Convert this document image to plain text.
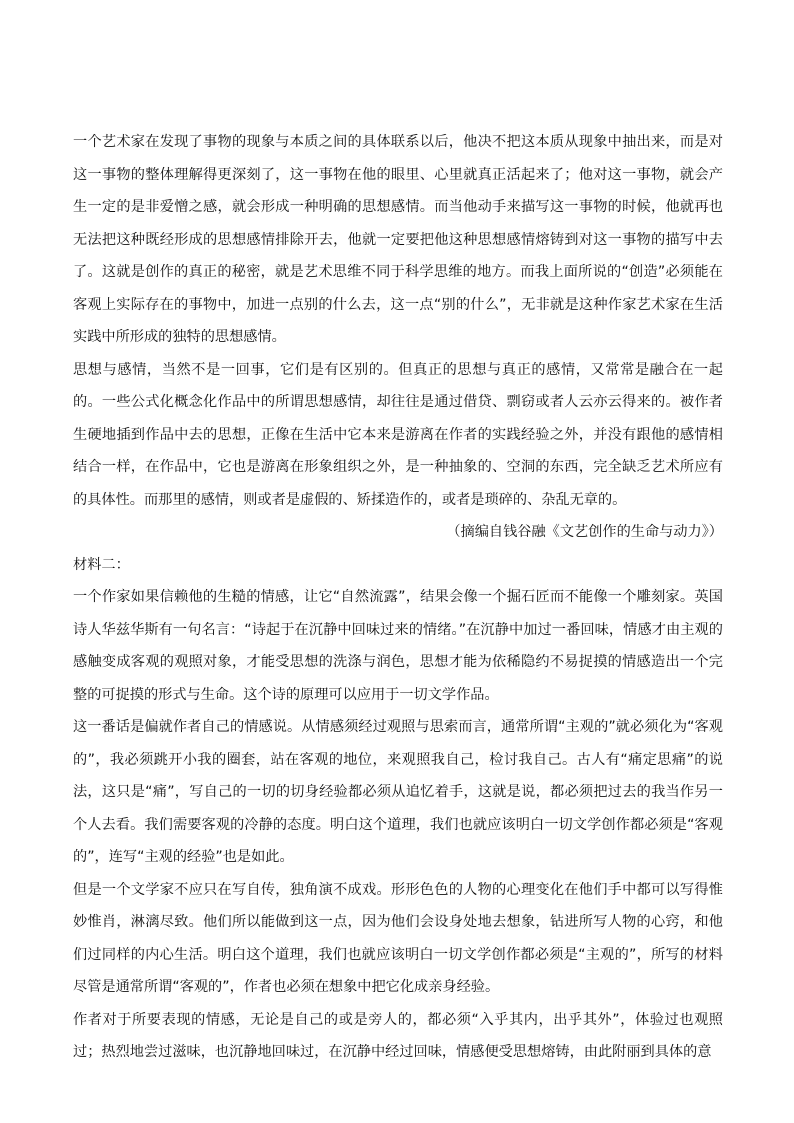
一个艺术家在发现了事物的现象与本质之间的具体联系以后，他决不把这本质从现象中抽出来，而是对这一事物的整体理解得更深刻了，这一事物在他的眼里、心里就真正活起来了；他对这一事物，就会产生一定的是非爱憎之感，就会形成一种明确的思想感情。而当他动手来描写这一事物的时候，他就再也无法把这种既经形成的思想感情排除开去，他就一定要把他这种思想感情熔铸到对这一事物的描写中去了。这就是创作的真正的秘密，就是艺术思维不同于科学思维的地方。而我上面所说的“创造”必须能在客观上实际存在的事物中，加进一点别的什么去，这一点“别的什么”，无非就是这种作家艺术家在生活实践中所形成的独特的思想感情。

思想与感情，当然不是一回事，它们是有区别的。但真正的思想与真正的感情，又常常是融合在一起的。一些公式化概念化作品中的所谓思想感情，却往往是通过借贷、剽窃或者人云亦云得来的。被作者生硬地插到作品中去的思想，正像在生活中它本来是游离在作者的实践经验之外，并没有跟他的感情相结合一样，在作品中，它也是游离在形象组织之外，是一种抽象的、空洞的东西，完全缺乏艺术所应有的具体性。而那里的感情，则或者是虚假的、矫揉造作的，或者是琐碎的、杂乱无章的。

（摘编自钱谷融《文艺创作的生命与动力》）

材料二：

一个作家如果信赖他的生糙的情感，让它“自然流露”，结果会像一个掘石匠而不能像一个雕刻家。英国诗人华兹华斯有一句名言：“诗起于在沉静中回味过来的情绪。”在沉静中加过一番回味，情感才由主观的感触变成客观的观照对象，才能受思想的洗涤与润色，思想才能为依稀隐约不易捉摸的情感造出一个完整的可捉摸的形式与生命。这个诗的原理可以应用于一切文学作品。

这一番话是偏就作者自己的情感说。从情感须经过观照与思索而言，通常所谓“主观的”就必须化为“客观的”，我必须跳开小我的圈套，站在客观的地位，来观照我自己，检讨我自己。古人有“痛定思痛”的说法，这只是“痛”，写自己的一切的切身经验都必须从追忆着手，这就是说，都必须把过去的我当作另一个人去看。我们需要客观的冷静的态度。明白这个道理，我们也就应该明白一切文学创作都必须是“客观的”，连写“主观的经验”也是如此。

但是一个文学家不应只在写自传，独角演不成戏。形形色色的人物的心理变化在他们手中都可以写得惟妙惟肖，淋漓尽致。他们所以能做到这一点，因为他们会设身处地去想象，钻进所写人物的心窍，和他们过同样的内心生活。明白这个道理，我们也就应该明白一切文学创作都必须是“主观的”，所写的材料尽管是通常所谓“客观的”，作者也必须在想象中把它化成亲身经验。

作者对于所要表现的情感，无论是自己的或是旁人的，都必须“入乎其内，出乎其外”，体验过也观照过；热烈地尝过滋味，也沉静地回味过，在沉静中经过回味，情感便受思想熔铸，由此附丽到具体的意
